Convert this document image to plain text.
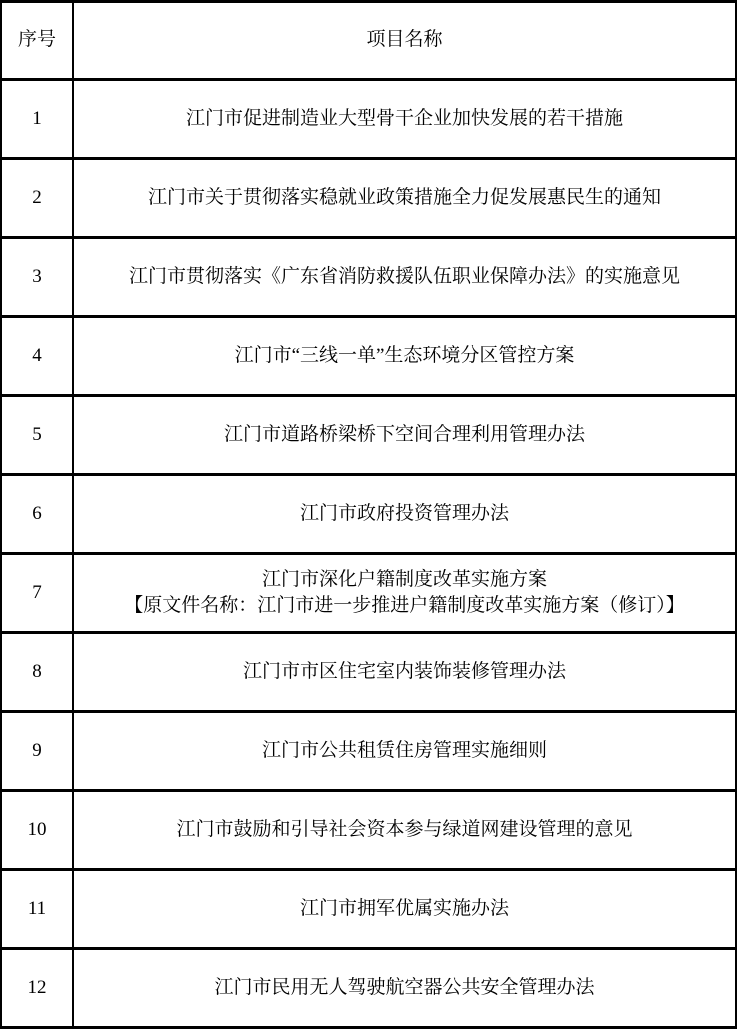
序号	项目名称
1	江门市促进制造业大型骨干企业加快发展的若干措施

2	江门市关于贯彻落实稳就业政策措施全力促发展惠民生的通知

3	江门市贯彻落实《广东省消防救援队伍职业保障办法》的实施意见

4	江门市“三线一单”生态环境分区管控方案

5	江门市道路桥梁桥下空间合理利用管理办法

6	江门市政府投资管理办法

7	江门市深化户籍制度改革实施方案
【原文件名称：江门市进一步推进户籍制度改革实施方案（修订）】

8	江门市市区住宅室内装饰装修管理办法

9	江门市公共租赁住房管理实施细则

10	江门市鼓励和引导社会资本参与绿道网建设管理的意见

11	江门市拥军优属实施办法

12	江门市民用无人驾驶航空器公共安全管理办法
